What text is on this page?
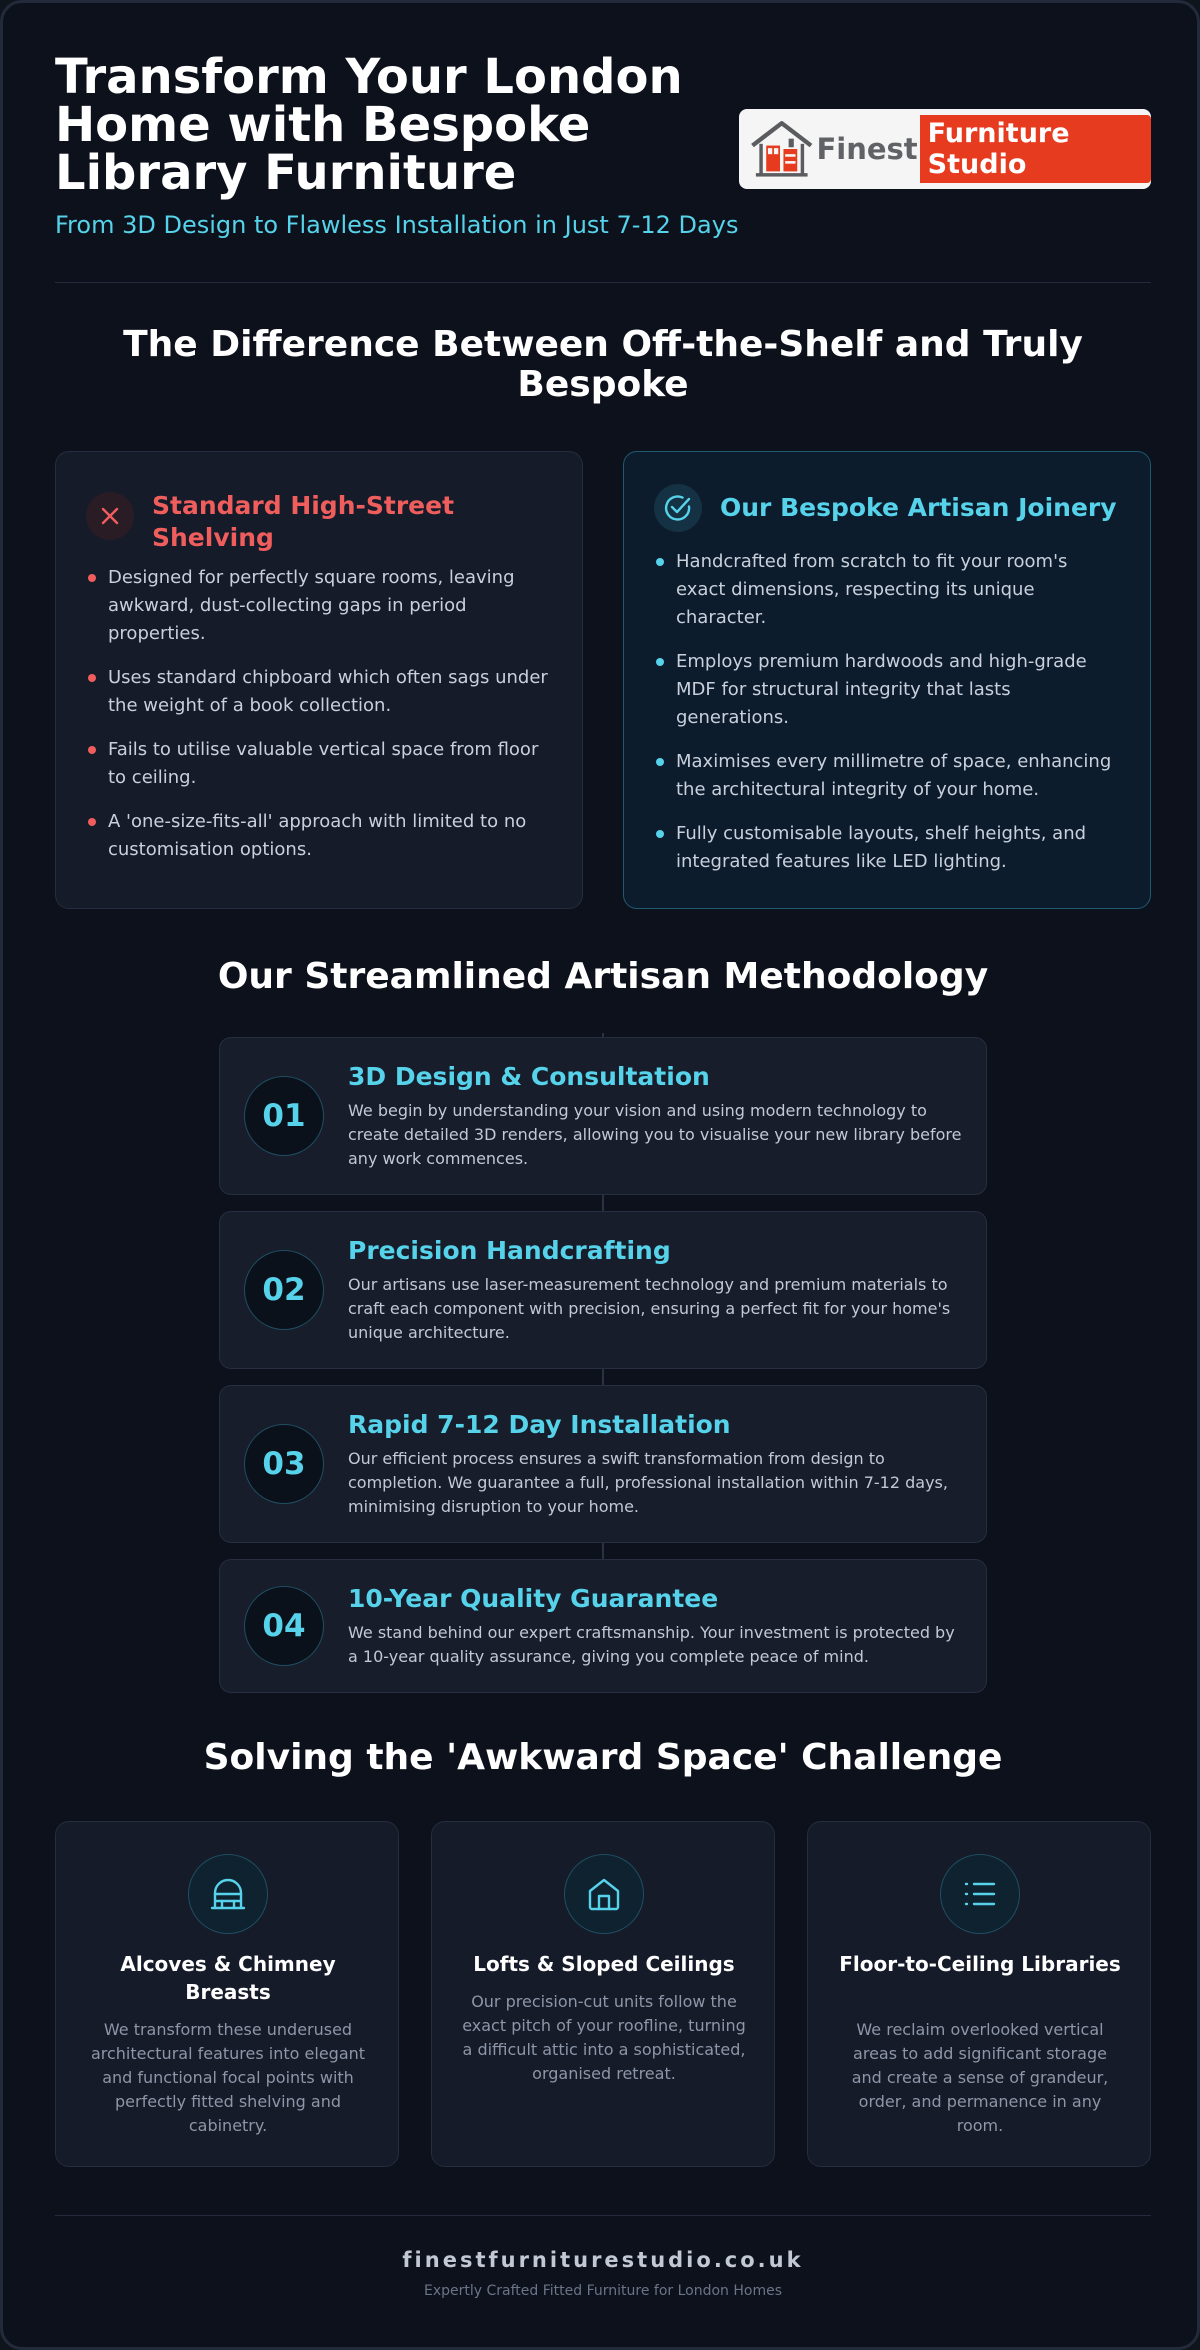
Transform Your London Home with Bespoke Library Furniture
From 3D Design to Flawless Installation in Just 7-12 Days
Finest Furniture Studio
The Difference Between Off-the-Shelf and Truly Bespoke
Standard High-Street Shelving
Designed for perfectly square rooms, leaving awkward, dust-collecting gaps in period properties.
Uses standard chipboard which often sags under the weight of a book collection.
Fails to utilise valuable vertical space from floor to ceiling.
A 'one-size-fits-all' approach with limited to no customisation options.
Our Bespoke Artisan Joinery
Handcrafted from scratch to fit your room's exact dimensions, respecting its unique character.
Employs premium hardwoods and high-grade MDF for structural integrity that lasts generations.
Maximises every millimetre of space, enhancing the architectural integrity of your home.
Fully customisable layouts, shelf heights, and integrated features like LED lighting.
Our Streamlined Artisan Methodology
01
3D Design & Consultation
We begin by understanding your vision and using modern technology to create detailed 3D renders, allowing you to visualise your new library before any work commences.
02
Precision Handcrafting
Our artisans use laser-measurement technology and premium materials to craft each component with precision, ensuring a perfect fit for your home's unique architecture.
03
Rapid 7-12 Day Installation
Our efficient process ensures a swift transformation from design to completion. We guarantee a full, professional installation within 7-12 days, minimising disruption to your home.
04
10-Year Quality Guarantee
We stand behind our expert craftsmanship. Your investment is protected by a 10-year quality assurance, giving you complete peace of mind.
Solving the 'Awkward Space' Challenge
Alcoves & Chimney Breasts
We transform these underused architectural features into elegant and functional focal points with perfectly fitted shelving and cabinetry.
Lofts & Sloped Ceilings
Our precision-cut units follow the exact pitch of your roofline, turning a difficult attic into a sophisticated, organised retreat.
Floor-to-Ceiling Libraries
We reclaim overlooked vertical areas to add significant storage and create a sense of grandeur, order, and permanence in any room.
finestfurniturestudio.co.uk
Expertly Crafted Fitted Furniture for London Homes
